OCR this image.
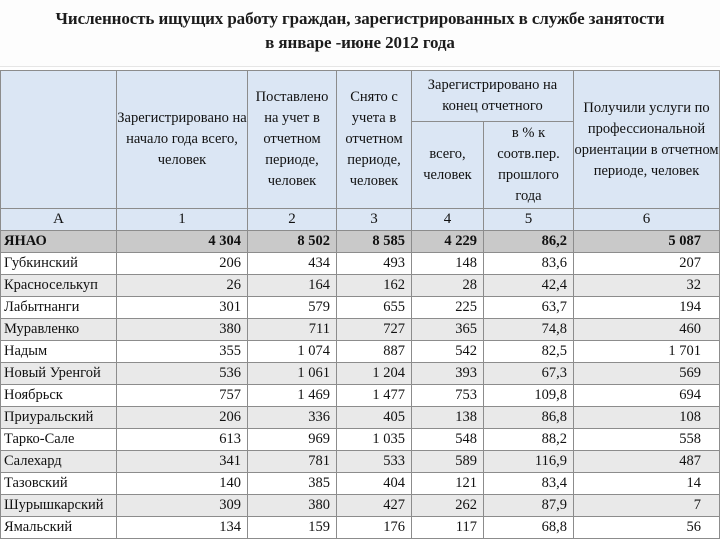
Численность ищущих работу граждан, зарегистрированных в службе занятости
в январе -июне 2012 года
	Зарегистрировано на начало года всего, человек	Поставлено на учет в отчетном периоде, человек	Снято с учета в отчетном периоде, человек	Зарегистрировано на конец отчетного		Получили услуги по профессиональной ориентации в отчетном периоде, человек
				всего, человек	в % к соотв.пер. прошлого года	
А	1	2	3	4	5	6
ЯНАО	4 304	8 502	8 585	4 229	86,2	5 087
Губкинский	206	434	493	148	83,6	207
Красноселькуп	26	164	162	28	42,4	32
Лабытнанги	301	579	655	225	63,7	194
Муравленко	380	711	727	365	74,8	460
Надым	355	1 074	887	542	82,5	1 701
Новый Уренгой	536	1 061	1 204	393	67,3	569
Ноябрьск	757	1 469	1 477	753	109,8	694
Приуральский	206	336	405	138	86,8	108
Тарко-Сале	613	969	1 035	548	88,2	558
Салехард	341	781	533	589	116,9	487
Тазовский	140	385	404	121	83,4	14
Шурышкарский	309	380	427	262	87,9	7
Ямальский	134	159	176	117	68,8	56
